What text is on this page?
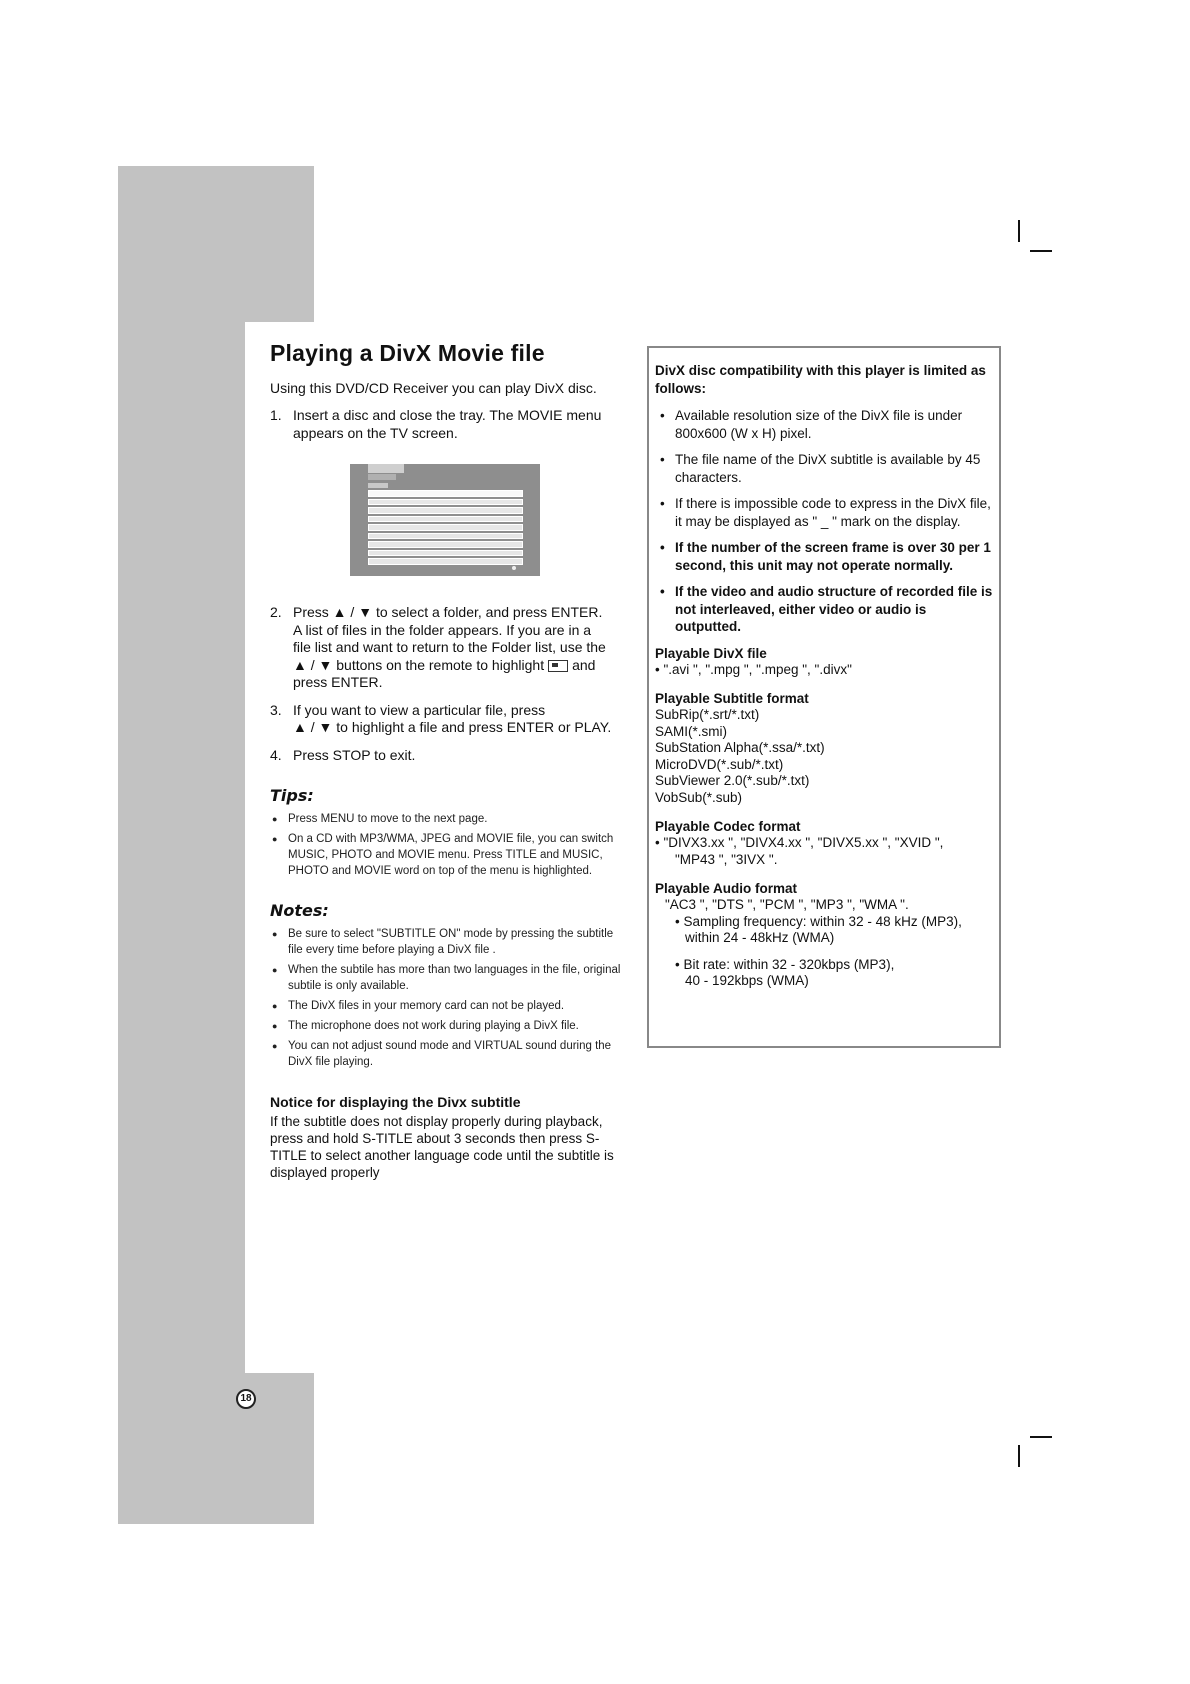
18
Playing a DivX Movie file

Using this DVD/CD Receiver you can play DivX disc.

1. Insert a disc and close the tray. The MOVIE menu
appears on the TV screen.
2. Press ▲ / ▼ to select a folder, and press ENTER.
A list of files in the folder appears. If you are in a
file list and want to return to the Folder list, use the
▲ / ▼ buttons on the remote to highlight and
press ENTER.
3. If you want to view a particular file, press
▲ / ▼ to highlight a file and press ENTER or PLAY.
4. Press STOP to exit.
Tips:
● Press MENU to move to the next page.
● On a CD with MP3/WMA, JPEG and MOVIE file, you can switch MUSIC, PHOTO and MOVIE menu. Press TITLE and MUSIC, PHOTO and MOVIE word on top of the menu is highlighted.
Notes:
● Be sure to select "SUBTITLE ON" mode by pressing the subtitle file every time before playing a DivX file .
● When the subtile has more than two languages in the file, original subtile is only available.
● The DivX files in your memory card can not be played.
● The microphone does not work during playing a DivX file.
● You can not adjust sound mode and VIRTUAL sound during the DivX file playing.
Notice for displaying the Divx subtitle

If the subtitle does not display properly during playback, press and hold S-TITLE about 3 seconds then press S-TITLE to select another language code until the subtitle is displayed properly

DivX disc compatibility with this player is limited as follows:

• Available resolution size of the DivX file is under 800x600 (W x H) pixel.
• The file name of the DivX subtitle is available by 45 characters.
• If there is impossible code to express in the DivX file, it may be displayed as " _ " mark on the display.
• If the number of the screen frame is over 30 per 1 second, this unit may not operate normally.
• If the video and audio structure of recorded file is not interleaved, either video or audio is outputted.

Playable DivX file

• ".avi ", ".mpg ", ".mpeg ", ".divx"

Playable Subtitle format

SubRip(*.srt/*.txt)

SAMI(*.smi)

SubStation Alpha(*.ssa/*.txt)

MicroDVD(*.sub/*.txt)

SubViewer 2.0(*.sub/*.txt)

VobSub(*.sub)

Playable Codec format

• "DIVX3.xx ", "DIVX4.xx ", "DIVX5.xx ", "XVID ",

"MP43 ", "3IVX ".

Playable Audio format

"AC3 ", "DTS ", "PCM ", "MP3 ", "WMA ".

• Sampling frequency: within 32 - 48 kHz (MP3),

within 24 - 48kHz (WMA)

• Bit rate: within 32 - 320kbps (MP3),

40 - 192kbps (WMA)
